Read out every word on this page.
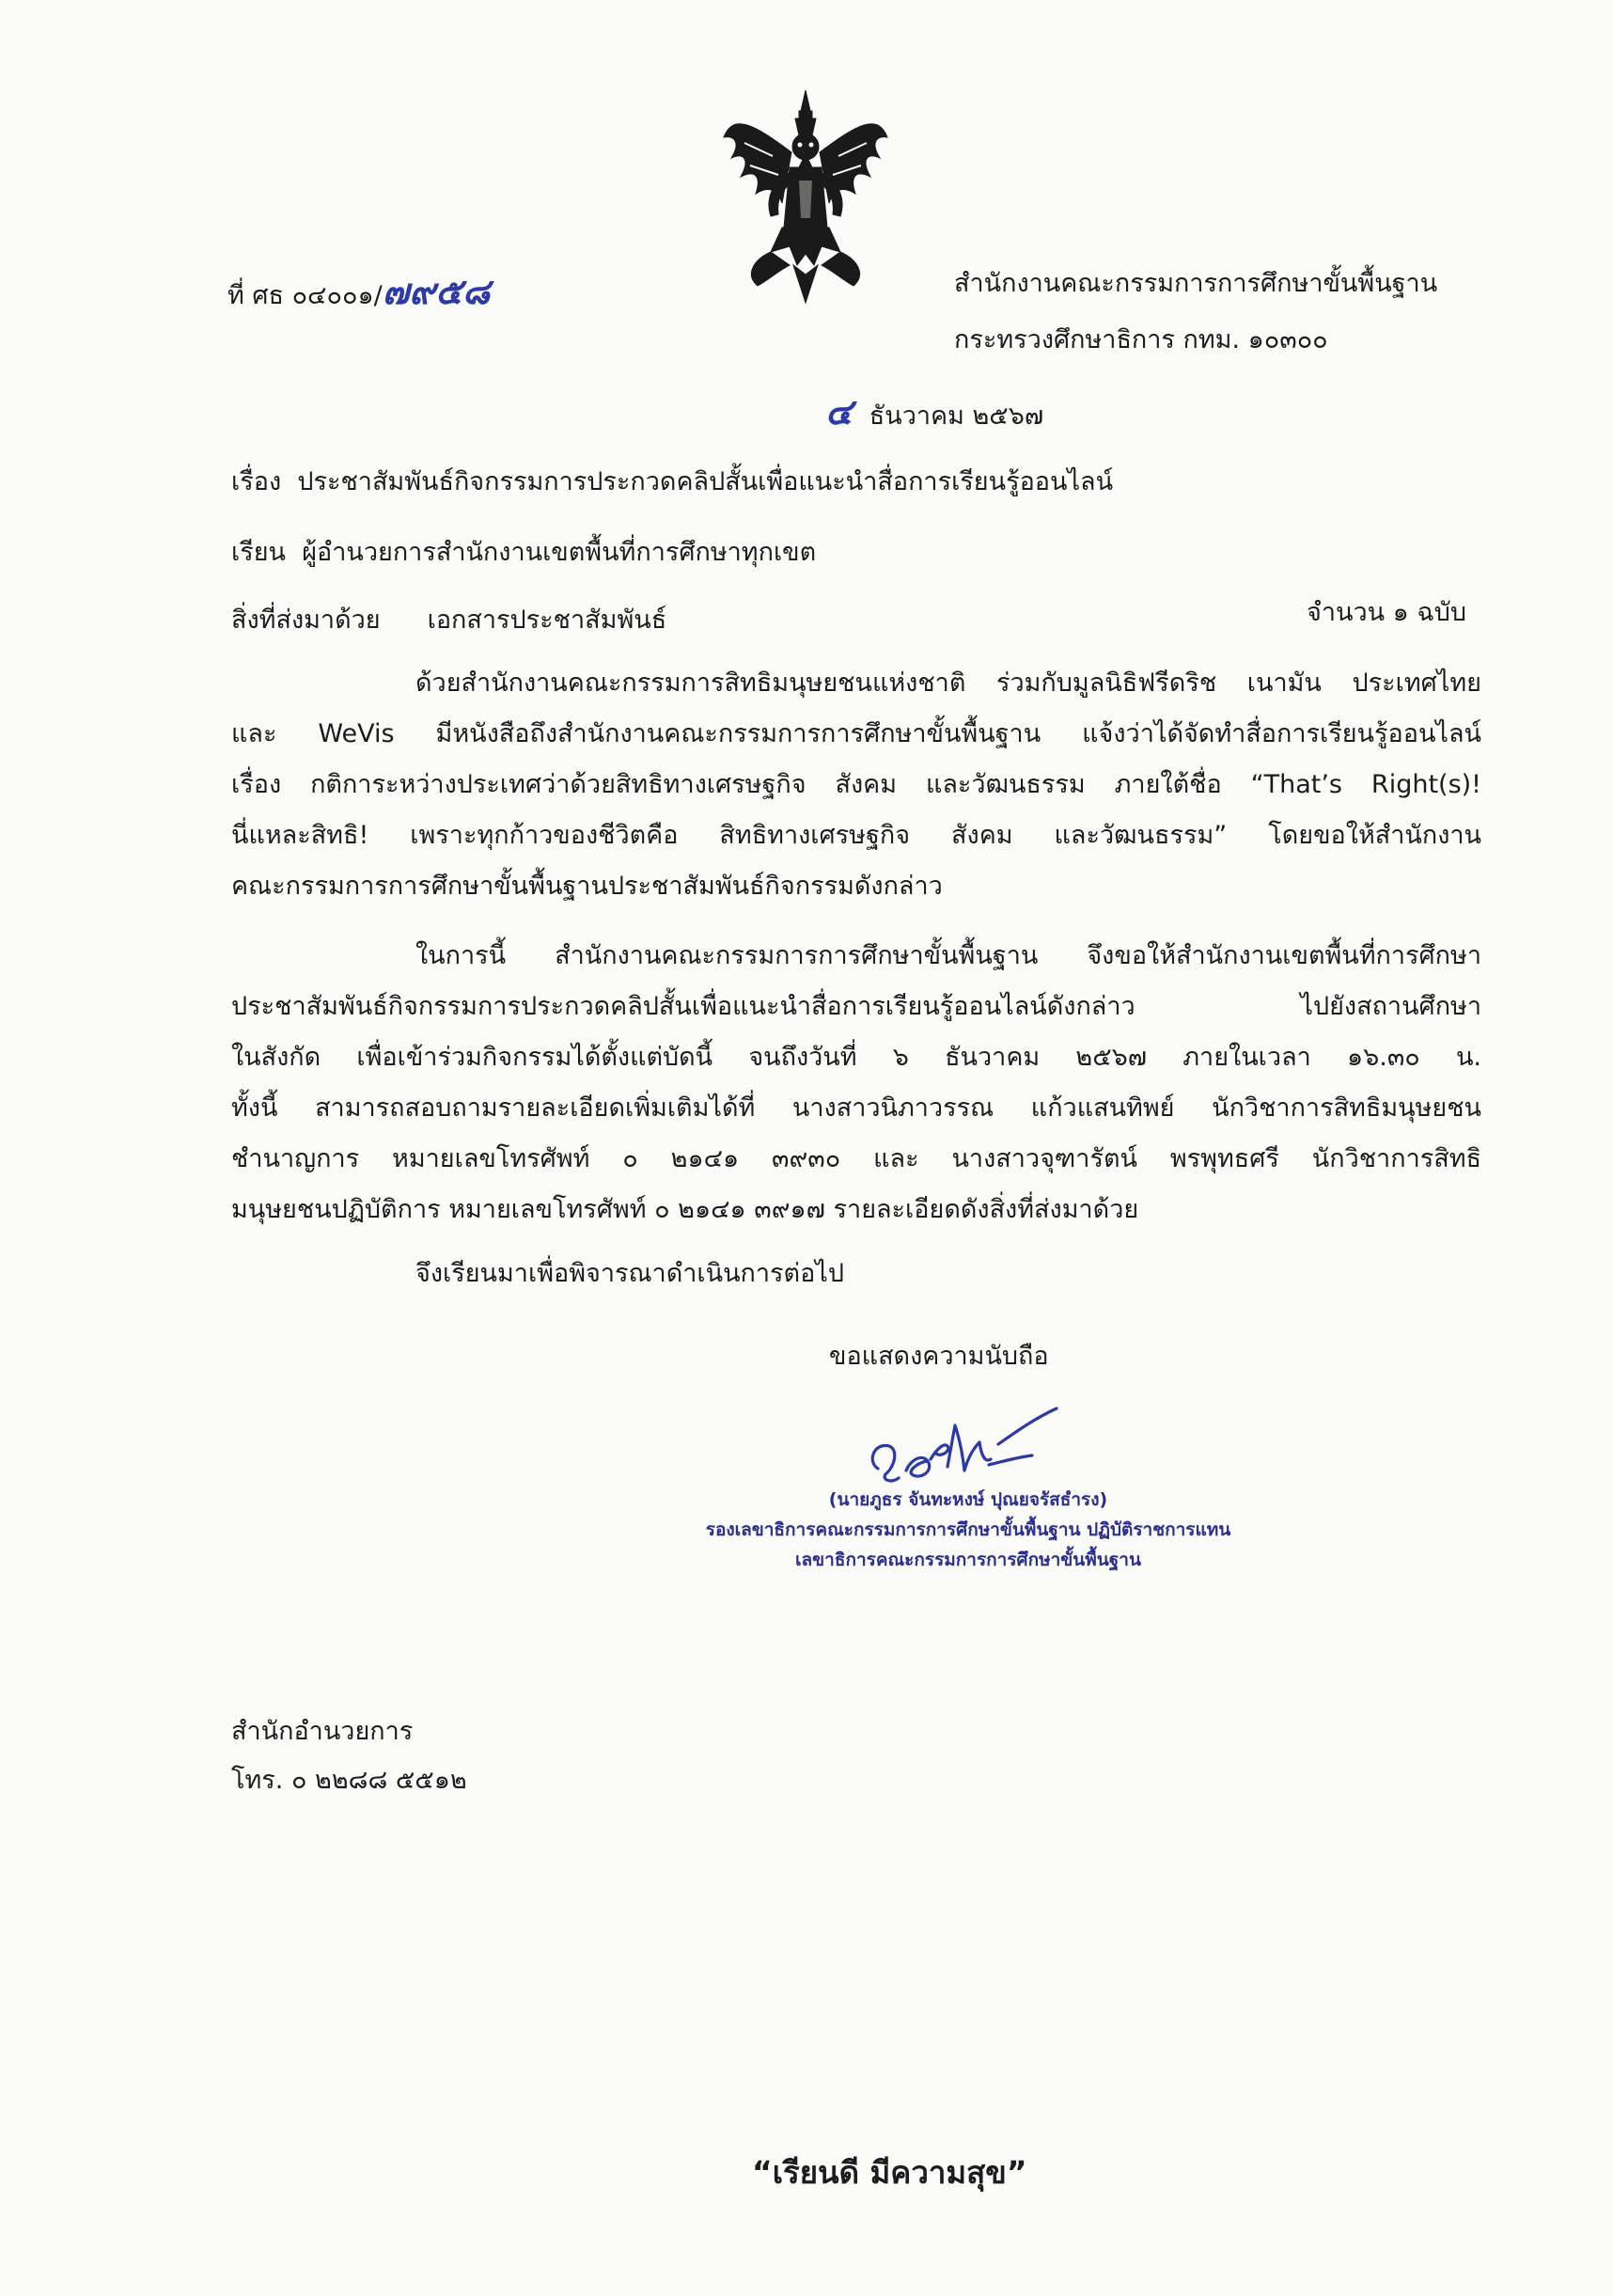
ที่ ศธ ๐๔๐๐๑/๗๙๕๘	สำนักงานคณะกรรมการการศึกษาขั้นพื้นฐาน
กระทรวงศึกษาธิการ กทม. ๑๐๓๐๐
๔ ธันวาคม ๒๕๖๗
เรื่อง ประชาสัมพันธ์กิจกรรมการประกวดคลิปสั้นเพื่อแนะนำสื่อการเรียนรู้ออนไลน์
เรียน ผู้อำนวยการสำนักงานเขตพื้นที่การศึกษาทุกเขต
สิ่งที่ส่งมาด้วย เอกสารประชาสัมพันธ์	จำนวน ๑ ฉบับ
ด้วยสำนักงานคณะกรรมการสิทธิมนุษยชนแห่งชาติ ร่วมกับมูลนิธิฟรีดริช เนามัน ประเทศไทย
และ WeVis มีหนังสือถึงสำนักงานคณะกรรมการการศึกษาขั้นพื้นฐาน แจ้งว่าได้จัดทำสื่อการเรียนรู้ออนไลน์
เรื่อง กติการะหว่างประเทศว่าด้วยสิทธิทางเศรษฐกิจ สังคม และวัฒนธรรม ภายใต้ชื่อ “That’s Right(s)!
นี่แหละสิทธิ! เพราะทุกก้าวของชีวิตคือ สิทธิทางเศรษฐกิจ สังคม และวัฒนธรรม” โดยขอให้สำนักงาน
คณะกรรมการการศึกษาขั้นพื้นฐานประชาสัมพันธ์กิจกรรมดังกล่าว
ในการนี้ สำนักงานคณะกรรมการการศึกษาขั้นพื้นฐาน จึงขอให้สำนักงานเขตพื้นที่การศึกษา
ประชาสัมพันธ์กิจกรรมการประกวดคลิปสั้นเพื่อแนะนำสื่อการเรียนรู้ออนไลน์ดังกล่าว ไปยังสถานศึกษา
ในสังกัด เพื่อเข้าร่วมกิจกรรมได้ตั้งแต่บัดนี้ จนถึงวันที่ ๖ ธันวาคม ๒๕๖๗ ภายในเวลา ๑๖.๓๐ น.
ทั้งนี้ สามารถสอบถามรายละเอียดเพิ่มเติมได้ที่ นางสาวนิภาวรรณ แก้วแสนทิพย์ นักวิชาการสิทธิมนุษยชน
ชำนาญการ หมายเลขโทรศัพท์ ๐ ๒๑๔๑ ๓๙๓๐ และ นางสาวจุฑารัตน์ พรพุทธศรี นักวิชาการสิทธิ
มนุษยชนปฏิบัติการ หมายเลขโทรศัพท์ ๐ ๒๑๔๑ ๓๙๑๗ รายละเอียดดังสิ่งที่ส่งมาด้วย
จึงเรียนมาเพื่อพิจารณาดำเนินการต่อไป
ขอแสดงความนับถือ
(นายภูธร จันทะหงษ์ ปุณยจรัสธำรง)
รองเลขาธิการคณะกรรมการการศึกษาขั้นพื้นฐาน ปฏิบัติราชการแทน
เลขาธิการคณะกรรมการการศึกษาขั้นพื้นฐาน
สำนักอำนวยการ
โทร. ๐ ๒๒๘๘ ๕๕๑๒
“เรียนดี มีความสุข”
